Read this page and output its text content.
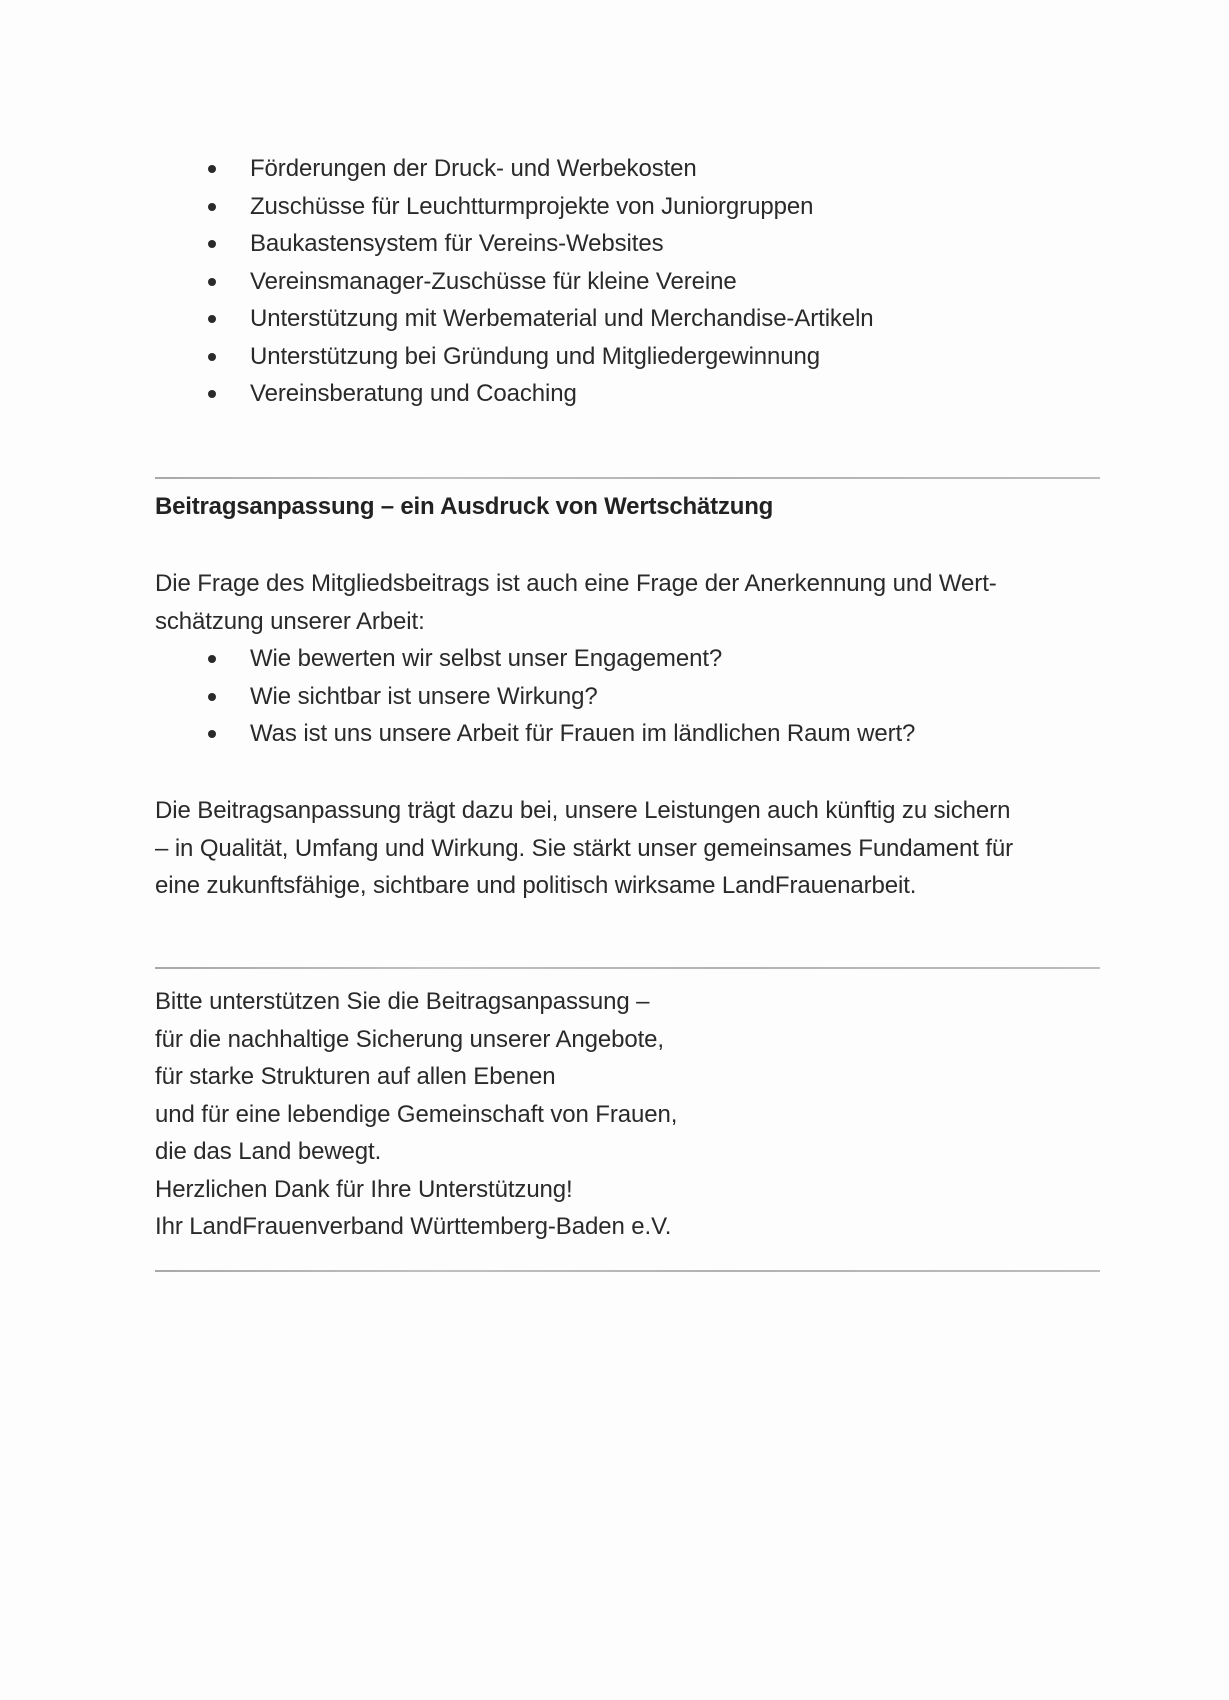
Förderungen der Druck- und Werbekosten
Zuschüsse für Leuchtturmprojekte von Juniorgruppen
Baukastensystem für Vereins-Websites
Vereinsmanager-Zuschüsse für kleine Vereine
Unterstützung mit Werbematerial und Merchandise-Artikeln
Unterstützung bei Gründung und Mitgliedergewinnung
Vereinsberatung und Coaching
Beitragsanpassung – ein Ausdruck von Wertschätzung
Die Frage des Mitgliedsbeitrags ist auch eine Frage der Anerkennung und Wert-
schätzung unserer Arbeit:
Wie bewerten wir selbst unser Engagement?
Wie sichtbar ist unsere Wirkung?
Was ist uns unsere Arbeit für Frauen im ländlichen Raum wert?
Die Beitragsanpassung trägt dazu bei, unsere Leistungen auch künftig zu sichern
– in Qualität, Umfang und Wirkung. Sie stärkt unser gemeinsames Fundament für
eine zukunftsfähige, sichtbare und politisch wirksame LandFrauenarbeit.
Bitte unterstützen Sie die Beitragsanpassung –
für die nachhaltige Sicherung unserer Angebote,
für starke Strukturen auf allen Ebenen
und für eine lebendige Gemeinschaft von Frauen,
die das Land bewegt.
Herzlichen Dank für Ihre Unterstützung!
Ihr LandFrauenverband Württemberg-Baden e.V.
